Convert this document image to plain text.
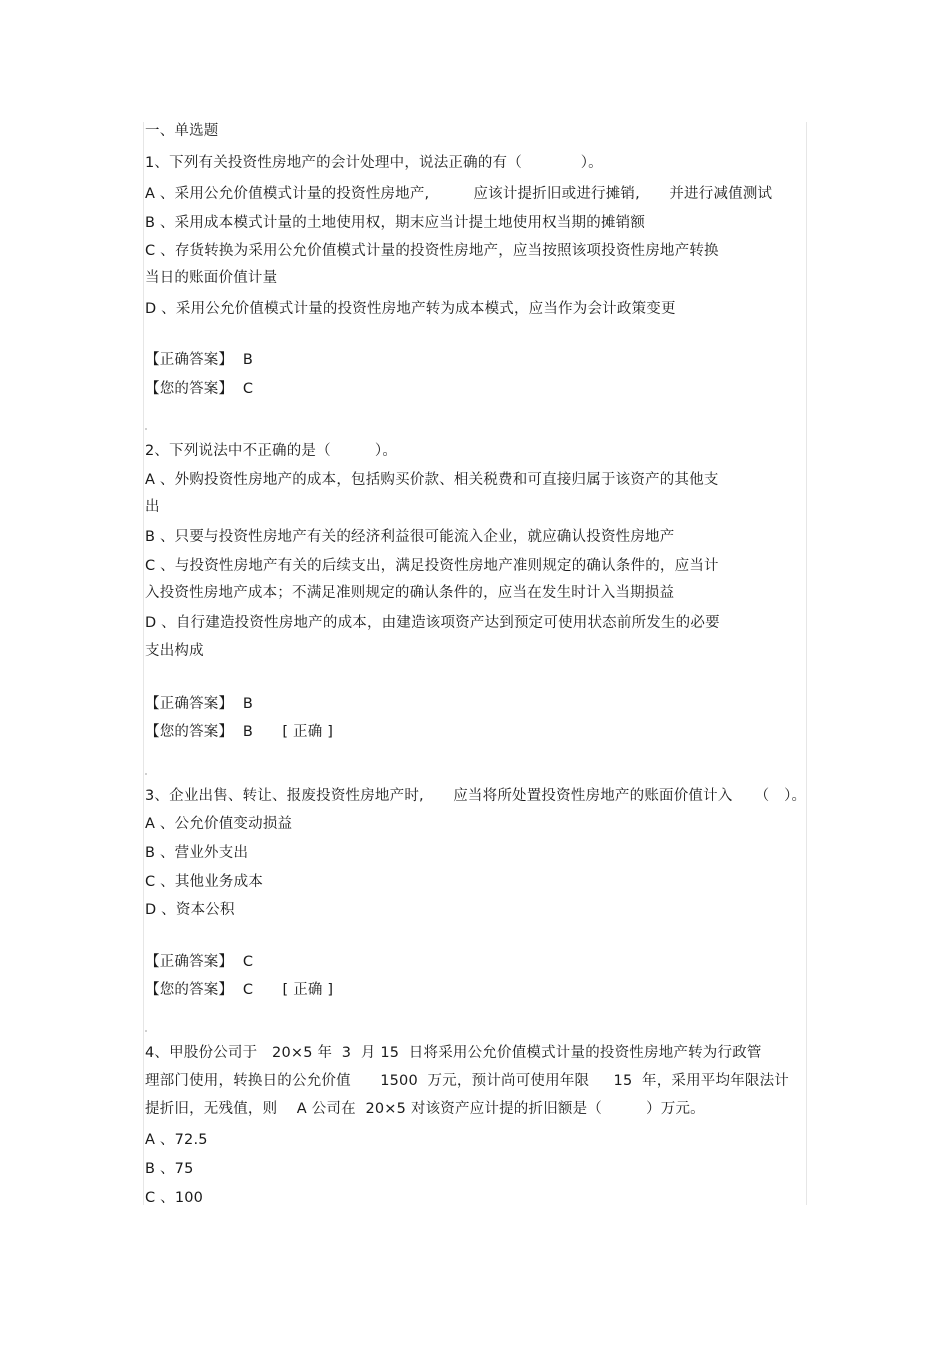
一、单选题
1、下列有关投资性房地产的会计处理中，说法正确的有（　　　　）。
A 、采用公允价值模式计量的投资性房地产,　　　应该计提折旧或进行摊销,　　并进行减值测试
B 、采用成本模式计量的土地使用权，期末应当计提土地使用权当期的摊销额
C 、存货转换为采用公允价值模式计量的投资性房地产，应当按照该项投资性房地产转换
当日的账面价值计量
D 、采用公允价值模式计量的投资性房地产转为成本模式，应当作为会计政策变更
【正确答案】  B
【您的答案】  C
2、下列说法中不正确的是（　　　）。
A 、外购投资性房地产的成本，包括购买价款、相关税费和可直接归属于该资产的其他支
出
B 、只要与投资性房地产有关的经济利益很可能流入企业，就应确认投资性房地产
C 、与投资性房地产有关的后续支出，满足投资性房地产准则规定的确认条件的，应当计
入投资性房地产成本；不满足准则规定的确认条件的，应当在发生时计入当期损益
D 、自行建造投资性房地产的成本，由建造该项资产达到预定可使用状态前所发生的必要
支出构成
【正确答案】  B
【您的答案】  B　　[ 正确 ]
3、企业出售、转让、报废投资性房地产时,　　应当将所处置投资性房地产的账面价值计入　　（　）。
A 、公允价值变动损益
B 、营业外支出
C 、其他业务成本
D 、资本公积
【正确答案】  C
【您的答案】  C　　[ 正确 ]
4、甲股份公司于　20×5 年  3  月 15  日将采用公允价值模式计量的投资性房地产转为行政管
理部门使用，转换日的公允价值　　1500  万元，预计尚可使用年限　  15  年，采用平均年限法计
提折旧，无残值，则　 A 公司在  20×5 对该资产应计提的折旧额是（　　　）万元。
A 、72.5
B 、75
C 、100
